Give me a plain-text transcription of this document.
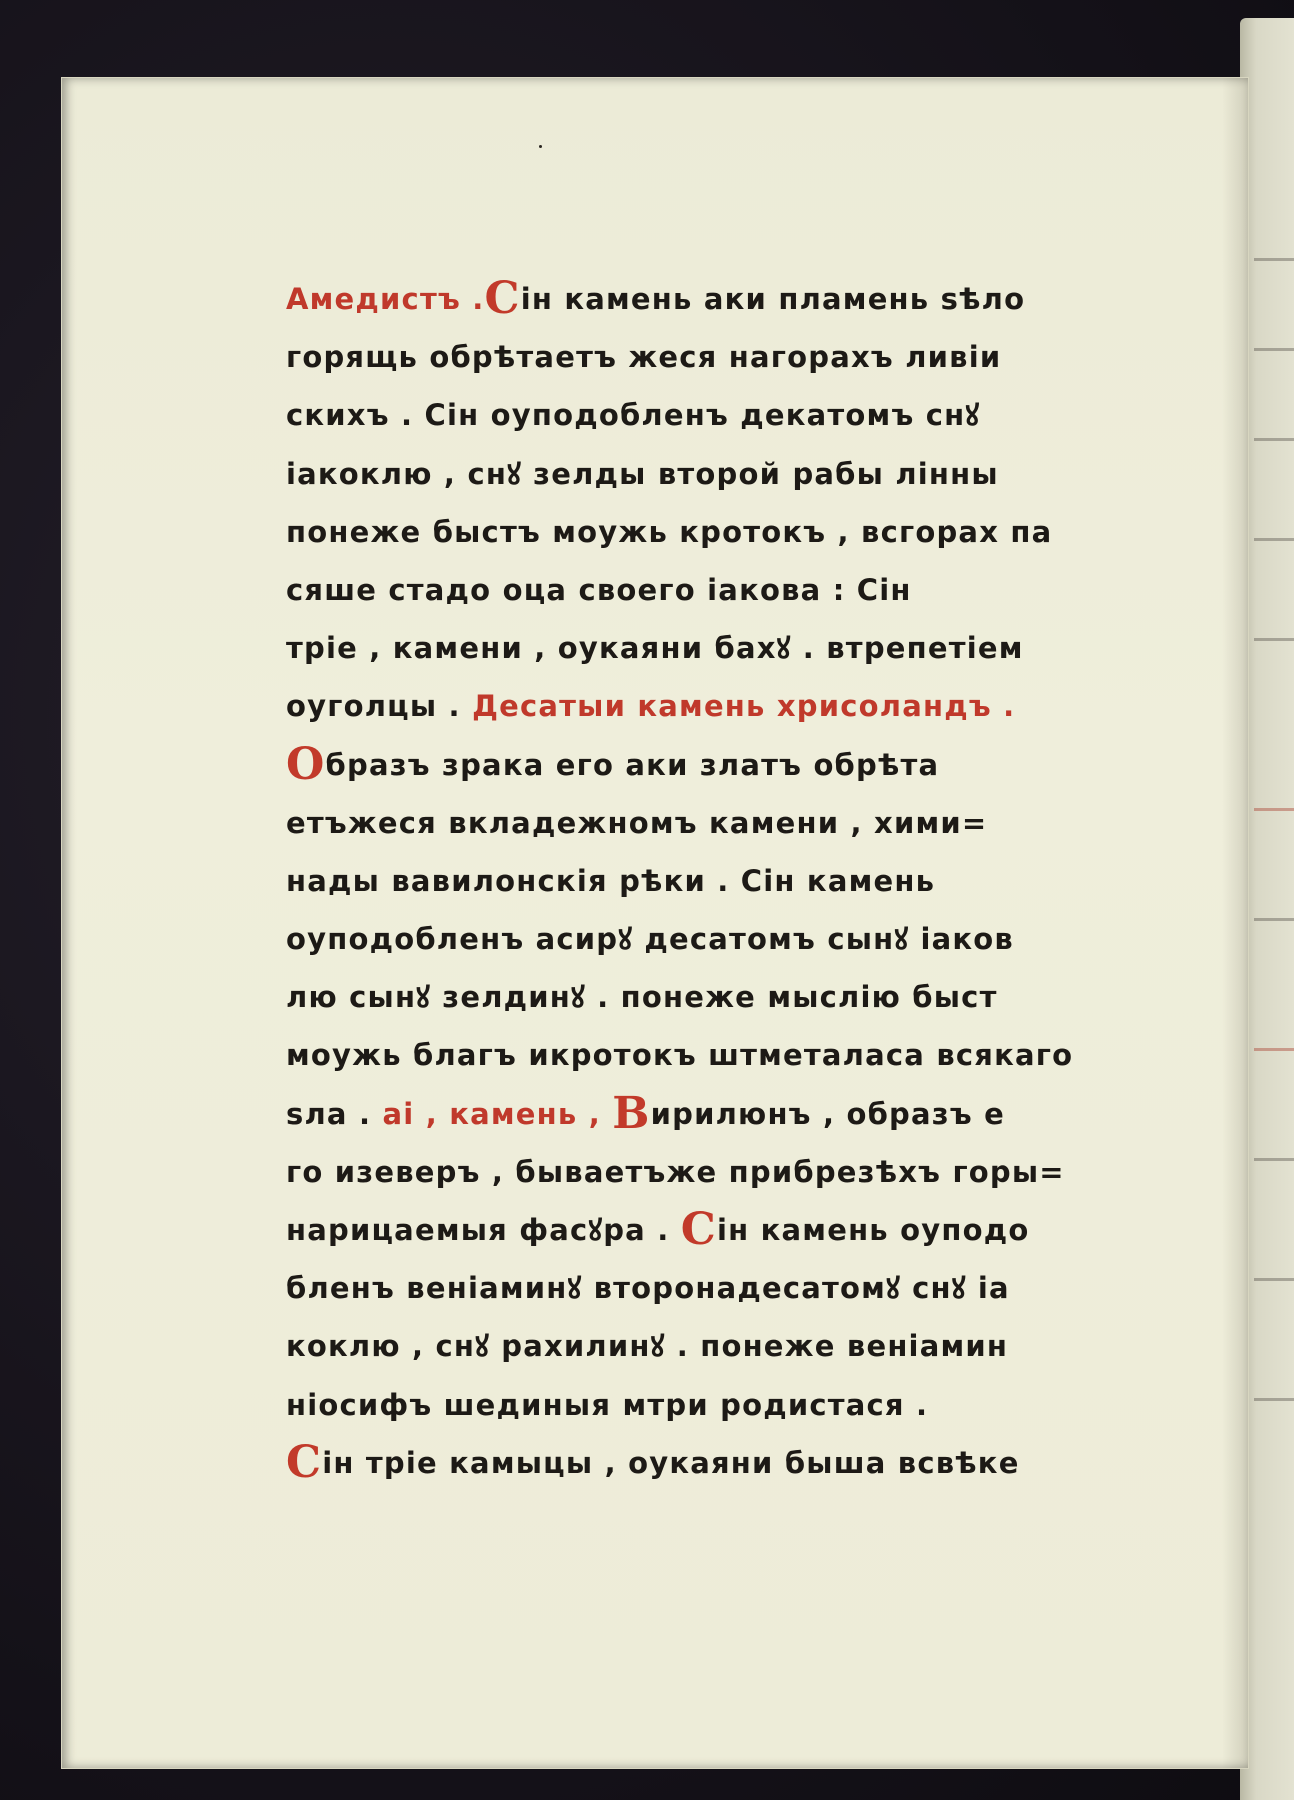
Амедистъ .Сін камень аки пламень ѕѣло
горящь обрѣтаетъ жеся нагорахъ ливіи
скихъ . Сін оуподобленъ декатомъ снꙋ
іакоклю , снꙋ зелды второй рабы лінны
понеже быстъ моужь кротокъ , всгорах па
сяше стадо оца своего іакова : Сін
тріе , камени , оукаяни бахꙋ . втрепетіем
оуголцы . Десатыи камень хрисоландъ .
Образъ зрака его аки златъ обрѣта
етъжеся вкладежномъ камени , хими=
нады вавилонскія рѣки . Сін камень
оуподобленъ асирꙋ десатомъ сынꙋ іаков
лю сынꙋ зелдинꙋ . понеже мыслію быст
моужь благъ икротокъ штметаласа всякаго
ѕла . аі , камень , Вирилюнъ , образъ е
го изеверъ , бываетъже прибрезѣхъ горы=
нарицаемыя фасꙋра . Сін камень оуподо
бленъ веніаминꙋ второнадесатомꙋ снꙋ іа
коклю , снꙋ рахилинꙋ . понеже веніамин
ніосифъ шединыя мтри родистася .
Сін тріе камыцы , оукаяни быша всвѣке
